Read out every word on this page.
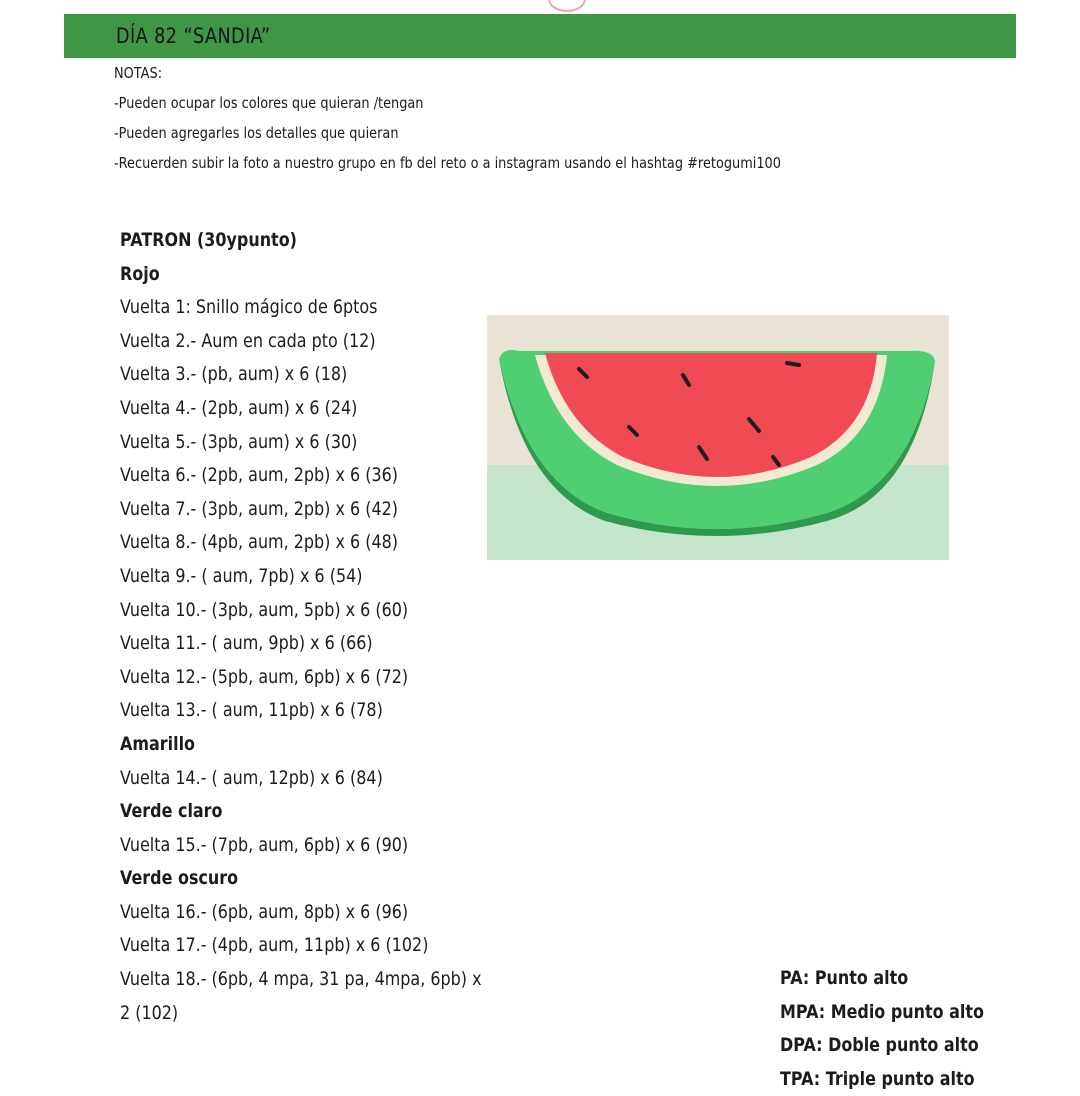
DÍA 82 “SANDIA”
NOTAS:
-Pueden ocupar los colores que quieran /tengan
-Pueden agregarles los detalles que quieran
-Recuerden subir la foto a nuestro grupo en fb del reto o a instagram usando el hashtag #retogumi100
PATRON (30ypunto)
Rojo
Vuelta 1: Snillo mágico de 6ptos
Vuelta 2.- Aum en cada pto (12)
Vuelta 3.- (pb, aum) x 6 (18)
Vuelta 4.- (2pb, aum) x 6 (24)
Vuelta 5.- (3pb, aum) x 6 (30)
Vuelta 6.- (2pb, aum, 2pb) x 6 (36)
Vuelta 7.- (3pb, aum, 2pb) x 6 (42)
Vuelta 8.- (4pb, aum, 2pb) x 6 (48)
Vuelta 9.- ( aum, 7pb) x 6 (54)
Vuelta 10.- (3pb, aum, 5pb) x 6 (60)
Vuelta 11.- ( aum, 9pb) x 6 (66)
Vuelta 12.- (5pb, aum, 6pb) x 6 (72)
Vuelta 13.- ( aum, 11pb) x 6 (78)
Amarillo
Vuelta 14.- ( aum, 12pb) x 6 (84)
Verde claro
Vuelta 15.- (7pb, aum, 6pb) x 6 (90)
Verde oscuro
Vuelta 16.- (6pb, aum, 8pb) x 6 (96)
Vuelta 17.- (4pb, aum, 11pb) x 6 (102)
Vuelta 18.- (6pb, 4 mpa, 31 pa, 4mpa, 6pb) x
2 (102)
PA: Punto alto
MPA: Medio punto alto
DPA: Doble punto alto
TPA: Triple punto alto
